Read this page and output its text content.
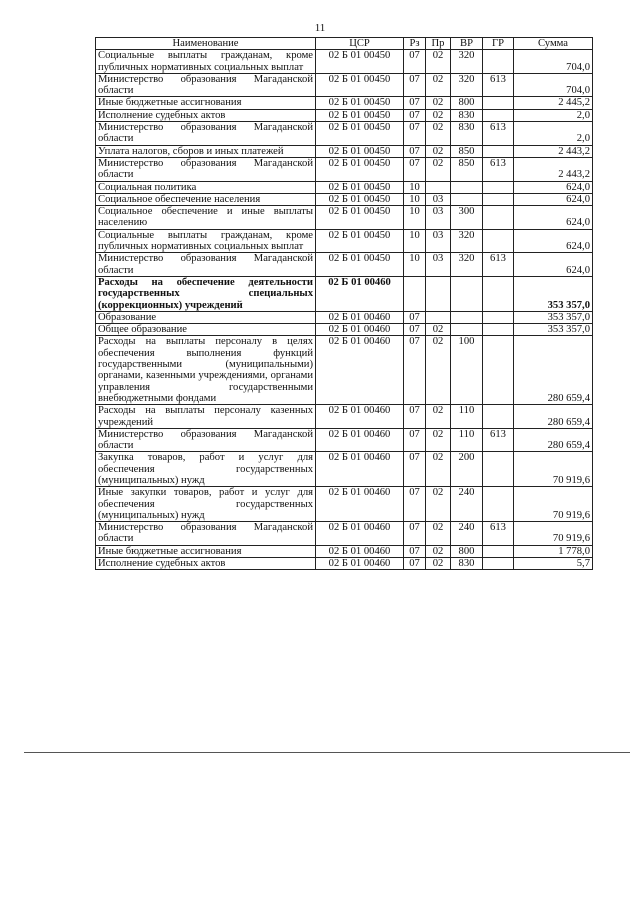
11
Наименование	ЦСР	Рз	Пр	ВР	ГР	Сумма
Социальные выплаты гражданам, кроме публичных нормативных социальных выплат	02 Б 01 00450	07	02	320		704,0
Министерство образования Магаданской области	02 Б 01 00450	07	02	320	613	704,0
Иные бюджетные ассигнования	02 Б 01 00450	07	02	800		2 445,2
Исполнение судебных актов	02 Б 01 00450	07	02	830		2,0
Министерство образования Магаданской области	02 Б 01 00450	07	02	830	613	2,0
Уплата налогов, сборов и иных платежей	02 Б 01 00450	07	02	850		2 443,2
Министерство образования Магаданской области	02 Б 01 00450	07	02	850	613	2 443,2
Социальная политика	02 Б 01 00450	10				624,0
Социальное обеспечение населения	02 Б 01 00450	10	03			624,0
Социальное обеспечение и иные выплаты населению	02 Б 01 00450	10	03	300		624,0
Социальные выплаты гражданам, кроме публичных нормативных социальных выплат	02 Б 01 00450	10	03	320		624,0
Министерство образования Магаданской области	02 Б 01 00450	10	03	320	613	624,0
Расходы на обеспечение деятельности государственных специальных (коррекционных) учреждений	02 Б 01 00460					353 357,0
Образование	02 Б 01 00460	07				353 357,0
Общее образование	02 Б 01 00460	07	02			353 357,0
Расходы на выплаты персоналу в целях обеспечения выполнения функций государственными (муниципальными) органами, казенными учреждениями, органами управления государственными внебюджетными фондами	02 Б 01 00460	07	02	100		280 659,4
Расходы на выплаты персоналу казенных учреждений	02 Б 01 00460	07	02	110		280 659,4
Министерство образования Магаданской области	02 Б 01 00460	07	02	110	613	280 659,4
Закупка товаров, работ и услуг для обеспечения государственных (муниципальных) нужд	02 Б 01 00460	07	02	200		70 919,6
Иные закупки товаров, работ и услуг для обеспечения государственных (муниципальных) нужд	02 Б 01 00460	07	02	240		70 919,6
Министерство образования Магаданской области	02 Б 01 00460	07	02	240	613	70 919,6
Иные бюджетные ассигнования	02 Б 01 00460	07	02	800		1 778,0
Исполнение судебных актов	02 Б 01 00460	07	02	830		5,7
